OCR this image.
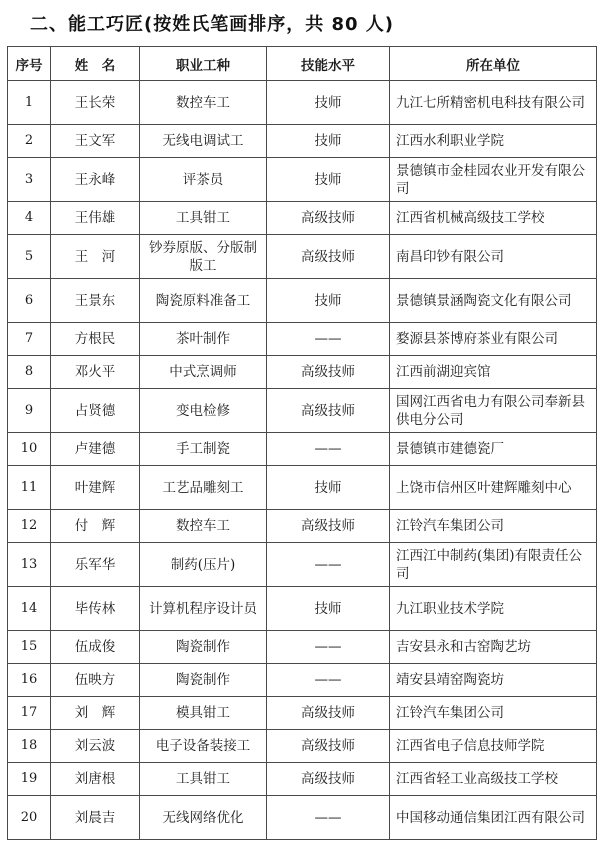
二、能工巧匠(按姓氏笔画排序，共 80 人)
序号	姓　名	职业工种	技能水平	所在单位
1	王长荣	数控车工	技师	九江七所精密机电科技有限公司
2	王文军	无线电调试工	技师	江西水利职业学院
3	王永峰	评茶员	技师	景德镇市金桂园农业开发有限公司
4	王伟雄	工具钳工	高级技师	江西省机械高级技工学校
5	王　河	钞券原版、分版制版工	高级技师	南昌印钞有限公司
6	王景东	陶瓷原料准备工	技师	景德镇景涵陶瓷文化有限公司
7	方根民	茶叶制作	——	婺源县茶博府茶业有限公司
8	邓火平	中式烹调师	高级技师	江西前湖迎宾馆
9	占贤德	变电检修	高级技师	国网江西省电力有限公司奉新县供电分公司
10	卢建德	手工制瓷	——	景德镇市建德瓷厂
11	叶建辉	工艺品雕刻工	技师	上饶市信州区叶建辉雕刻中心
12	付　辉	数控车工	高级技师	江铃汽车集团公司
13	乐军华	制药(压片)	——	江西江中制药(集团)有限责任公司
14	毕传林	计算机程序设计员	技师	九江职业技术学院
15	伍成俊	陶瓷制作	——	吉安县永和古窑陶艺坊
16	伍映方	陶瓷制作	——	靖安县靖窑陶瓷坊
17	刘　辉	模具钳工	高级技师	江铃汽车集团公司
18	刘云波	电子设备装接工	高级技师	江西省电子信息技师学院
19	刘唐根	工具钳工	高级技师	江西省轻工业高级技工学校
20	刘晨吉	无线网络优化	——	中国移动通信集团江西有限公司
